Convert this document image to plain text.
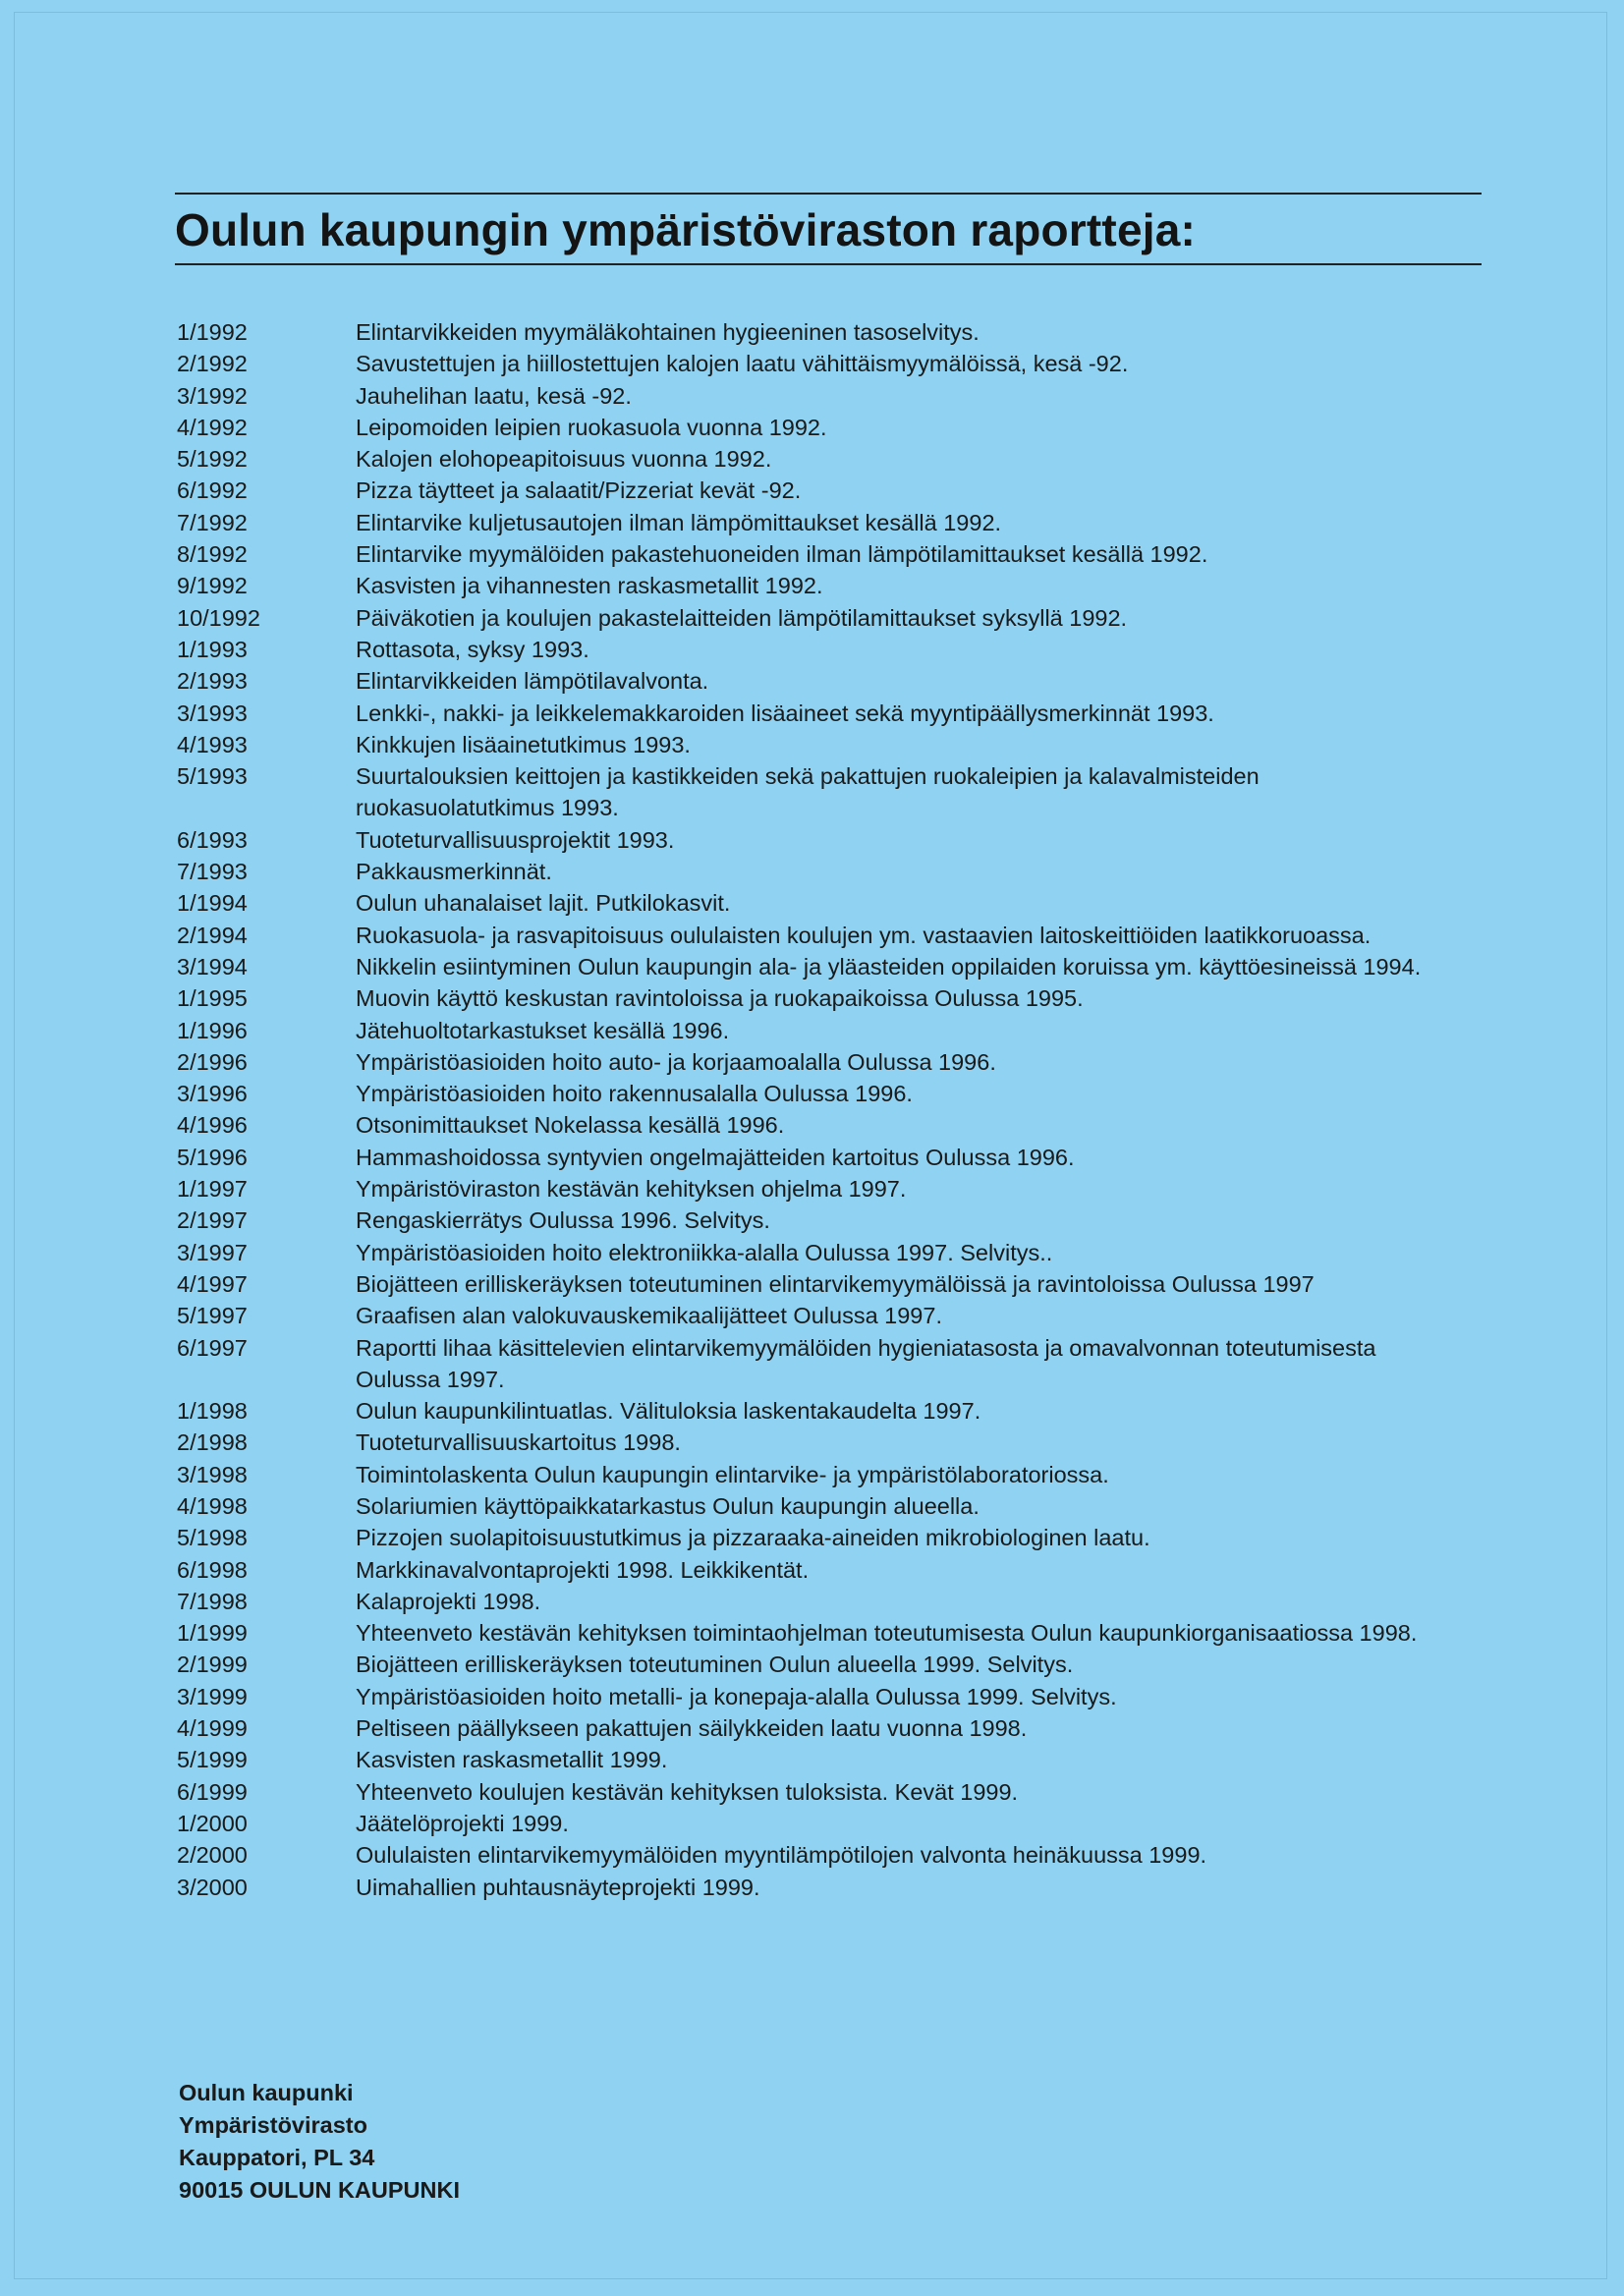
Oulun kaupungin ympäristöviraston raportteja:
1/1992	Elintarvikkeiden myymäläkohtainen hygieeninen tasoselvitys.
2/1992	Savustettujen ja hiillostettujen kalojen laatu vähittäismyymälöissä, kesä -92.
3/1992	Jauhelihan laatu, kesä -92.
4/1992	Leipomoiden leipien ruokasuola vuonna 1992.
5/1992	Kalojen elohopeapitoisuus vuonna 1992.
6/1992	Pizza täytteet ja salaatit/Pizzeriat kevät -92.
7/1992	Elintarvike kuljetusautojen ilman lämpömittaukset kesällä 1992.
8/1992	Elintarvike myymälöiden pakastehuoneiden ilman lämpötilamittaukset kesällä 1992.
9/1992	Kasvisten ja vihannesten raskasmetallit 1992.
10/1992	Päiväkotien ja koulujen pakastelaitteiden lämpötilamittaukset syksyllä 1992.
1/1993	Rottasota, syksy 1993.
2/1993	Elintarvikkeiden lämpötilavalvonta.
3/1993	Lenkki-, nakki- ja leikkelemakkaroiden lisäaineet sekä myyntipäällysmerkinnät 1993.
4/1993	Kinkkujen lisäainetutkimus 1993.
5/1993	Suurtalouksien keittojen ja kastikkeiden sekä pakattujen ruokaleipien ja kalavalmisteiden ruokasuolatutkimus 1993.
6/1993	Tuoteturvallisuusprojektit 1993.
7/1993	Pakkausmerkinnät.
1/1994	Oulun uhanalaiset lajit. Putkilokasvit.
2/1994	Ruokasuola- ja rasvapitoisuus oululaisten koulujen ym. vastaavien laitoskeittiöiden laatikkoruoassa.
3/1994	Nikkelin esiintyminen Oulun kaupungin ala- ja yläasteiden oppilaiden koruissa ym. käyttöesineissä 1994.
1/1995	Muovin käyttö keskustan ravintoloissa ja ruokapaikoissa Oulussa 1995.
1/1996	Jätehuoltotarkastukset kesällä 1996.
2/1996	Ympäristöasioiden hoito auto- ja korjaamoalalla Oulussa 1996.
3/1996	Ympäristöasioiden hoito rakennusalalla Oulussa 1996.
4/1996	Otsonimittaukset Nokelassa kesällä 1996.
5/1996	Hammashoidossa syntyvien ongelmajätteiden kartoitus Oulussa 1996.
1/1997	Ympäristöviraston kestävän kehityksen ohjelma 1997.
2/1997	Rengaskierrätys Oulussa 1996. Selvitys.
3/1997	Ympäristöasioiden hoito elektroniikka-alalla Oulussa 1997. Selvitys..
4/1997	Biojätteen erilliskeräyksen toteutuminen elintarvikemyymälöissä ja ravintoloissa Oulussa 1997
5/1997	Graafisen alan valokuvauskemikaalijätteet Oulussa 1997.
6/1997	Raportti lihaa käsittelevien elintarvikemyymälöiden hygieniatasosta ja omavalvonnan toteutumisesta Oulussa 1997.
1/1998	Oulun kaupunkilintuatlas. Välituloksia laskentakaudelta 1997.
2/1998	Tuoteturvallisuuskartoitus 1998.
3/1998	Toimintolaskenta Oulun kaupungin elintarvike- ja ympäristölaboratoriossa.
4/1998	Solariumien käyttöpaikkatarkastus Oulun kaupungin alueella.
5/1998	Pizzojen suolapitoisuustutkimus ja pizzaraaka-aineiden mikrobiologinen laatu.
6/1998	Markkinavalvontaprojekti 1998. Leikkikentät.
7/1998	Kalaprojekti 1998.
1/1999	Yhteenveto kestävän kehityksen toimintaohjelman toteutumisesta Oulun kaupunkiorganisaatiossa 1998.
2/1999	Biojätteen erilliskeräyksen toteutuminen Oulun alueella 1999. Selvitys.
3/1999	Ympäristöasioiden hoito metalli- ja konepaja-alalla Oulussa 1999. Selvitys.
4/1999	Peltiseen päällykseen pakattujen säilykkeiden laatu vuonna 1998.
5/1999	Kasvisten raskasmetallit 1999.
6/1999	Yhteenveto koulujen kestävän kehityksen tuloksista. Kevät 1999.
1/2000	Jäätelöprojekti 1999.
2/2000	Oululaisten elintarvikemyymälöiden myyntilämpötilojen valvonta heinäkuussa 1999.
3/2000	Uimahallien puhtausnäyteprojekti 1999.
Oulun kaupunki
Ympäristövirasto
Kauppatori, PL 34
90015 OULUN KAUPUNKI
